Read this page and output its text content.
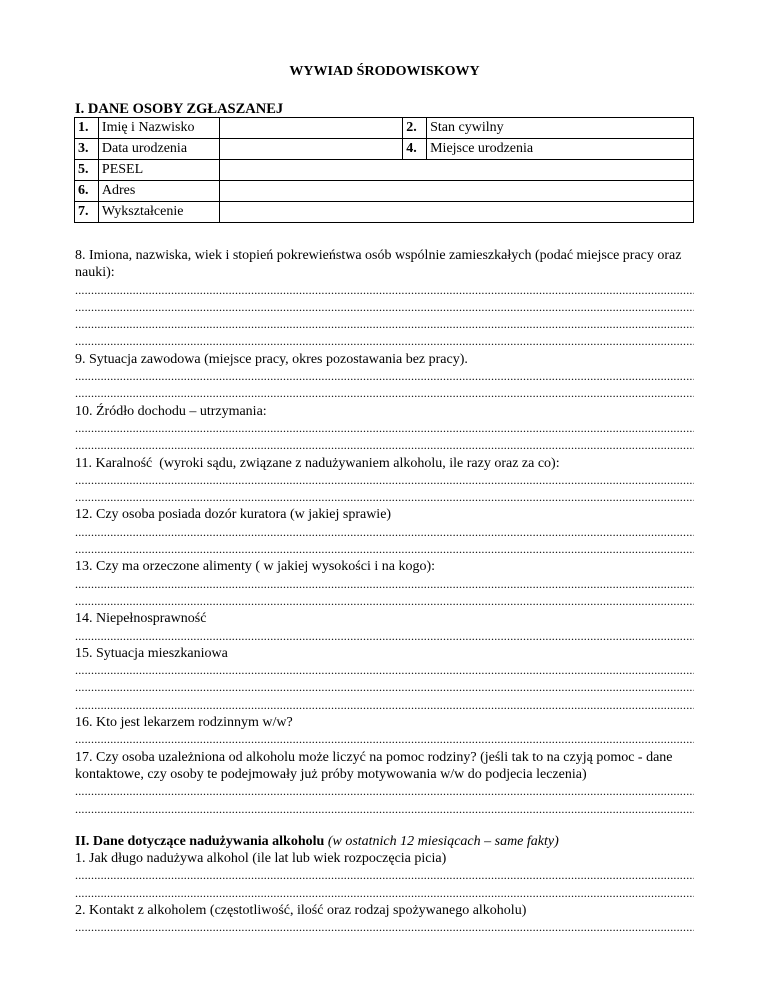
WYWIAD ŚRODOWISKOWY
I. DANE OSOBY ZGŁASZANEJ
1.	Imię i Nazwisko		2.	Stan cywilny
3.	Data urodzenia		4.	Miejsce urodzenia
5.	PESEL			
6.	Adres			
7.	Wykształcenie			

8. Imiona, nazwiska, wiek i stopień pokrewieństwa osób wspólnie zamieszkałych (podać miejsce pracy oraz nauki):

.....
.....
.....
.....

9. Sytuacja zawodowa (miejsce pracy, okres pozostawania bez pracy).

.....
.....

10. Źródło dochodu – utrzymania:

.....
.....

11. Karalność  (wyroki sądu, związane z nadużywaniem alkoholu, ile razy oraz za co):

.....
.....

12. Czy osoba posiada dozór kuratora (w jakiej sprawie)

.....
.....

13. Czy ma orzeczone alimenty ( w jakiej wysokości i na kogo):

.....
.....

14. Niepełnosprawność

.....

15. Sytuacja mieszkaniowa

.....
.....
.....

16. Kto jest lekarzem rodzinnym w/w?

.....

17. Czy osoba uzależniona od alkoholu może liczyć na pomoc rodziny? (jeśli tak to na czyją pomoc - dane kontaktowe, czy osoby te podejmowały już próby motywowania w/w do podjecia leczenia)

.....
.....

II. Dane dotyczące nadużywania alkoholu (w ostatnich 12 miesiącach – same fakty)

1. Jak długo nadużywa alkohol (ile lat lub wiek rozpoczęcia picia)

.....
.....

2. Kontakt z alkoholem (częstotliwość, ilość oraz rodzaj spożywanego alkoholu)

.....
